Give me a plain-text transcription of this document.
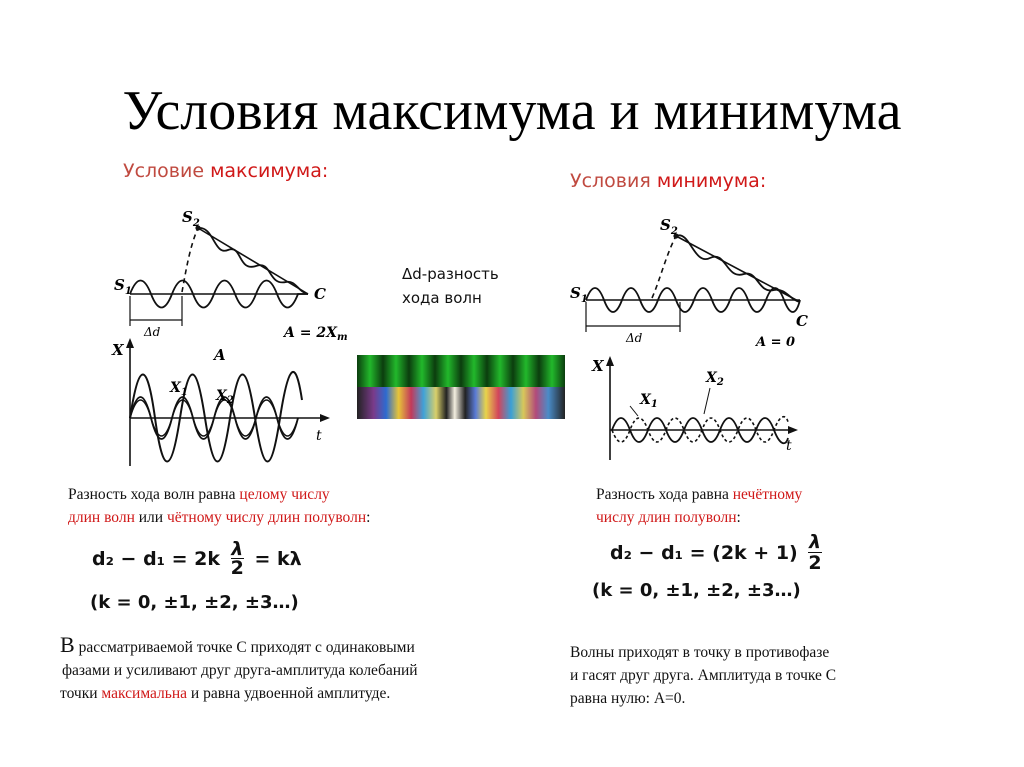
Условия максимума и минимума
Условие максимума:	Условия минимума:
Δd-разность
хода волн
$S_1$
$S_2$
C
Δd	$A = 2X_m$
X
t
A
$X_1$ $X_2$
$S_1$
$S_2$
C
Δd	A = 0
X
t
$X_1$
$X_2$
Разность хода волн равна целому числу
длин волн или чётному числу длин полуволн:
$d_2 - d_1 = 2k \frac{\lambda}{2} = k\lambda$
(k = 0, ±1, ±2, ±3…)
В рассматриваемой точке С приходят с одинаковыми
фазами и усиливают друг друга-амплитуда колебаний
точки максимальна и равна удвоенной амплитуде.
Разность хода равна нечётному
числу длин полуволн:
$d_2 - d_1 = (2k + 1) \frac{\lambda}{2}$
(k = 0, ±1, ±2, ±3…)
Волны приходят в точку в противофазе
и гасят друг друга. Амплитуда в точке С
равна нулю: А=0.
